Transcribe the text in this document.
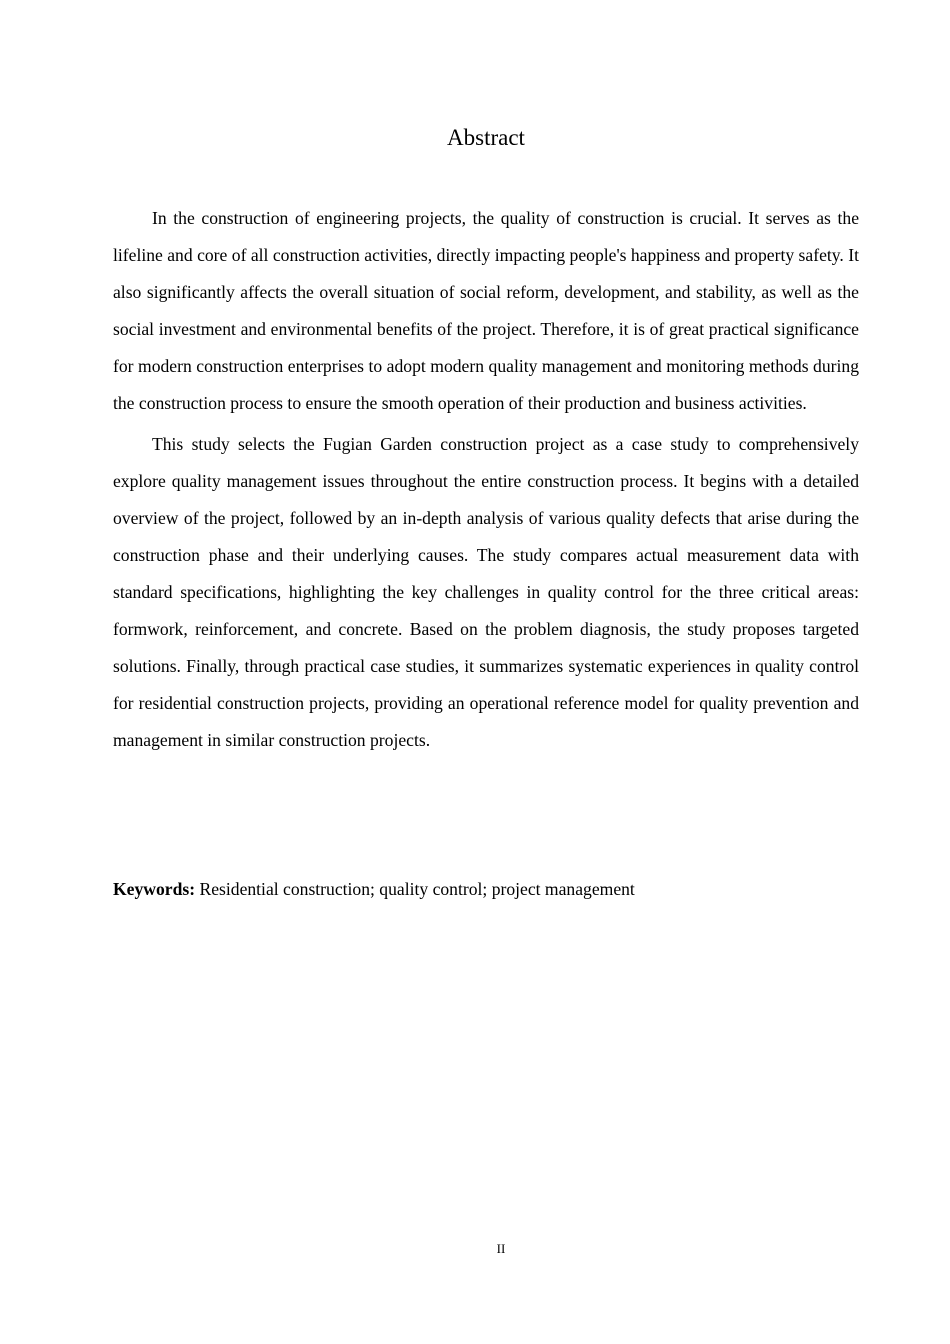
Abstract

In the construction of engineering projects, the quality of construction is crucial. It serves as the lifeline and core of all construction activities, directly impacting people's happiness and property safety. It also significantly affects the overall situation of social reform, development, and stability, as well as the social investment and environmental benefits of the project. Therefore, it is of great practical significance for modern construction enterprises to adopt modern quality management and monitoring methods during the construction process to ensure the smooth operation of their production and business activities.

This study selects the Fugian Garden construction project as a case study to comprehensively explore quality management issues throughout the entire construction process. It begins with a detailed overview of the project, followed by an in-depth analysis of various quality defects that arise during the construction phase and their underlying causes. The study compares actual measurement data with standard specifications, highlighting the key challenges in quality control for the three critical areas: formwork, reinforcement, and concrete. Based on the problem diagnosis, the study proposes targeted solutions. Finally, through practical case studies, it summarizes systematic experiences in quality control for residential construction projects, providing an operational reference model for quality prevention and management in similar construction projects.

Keywords: Residential construction; quality control; project management

II
